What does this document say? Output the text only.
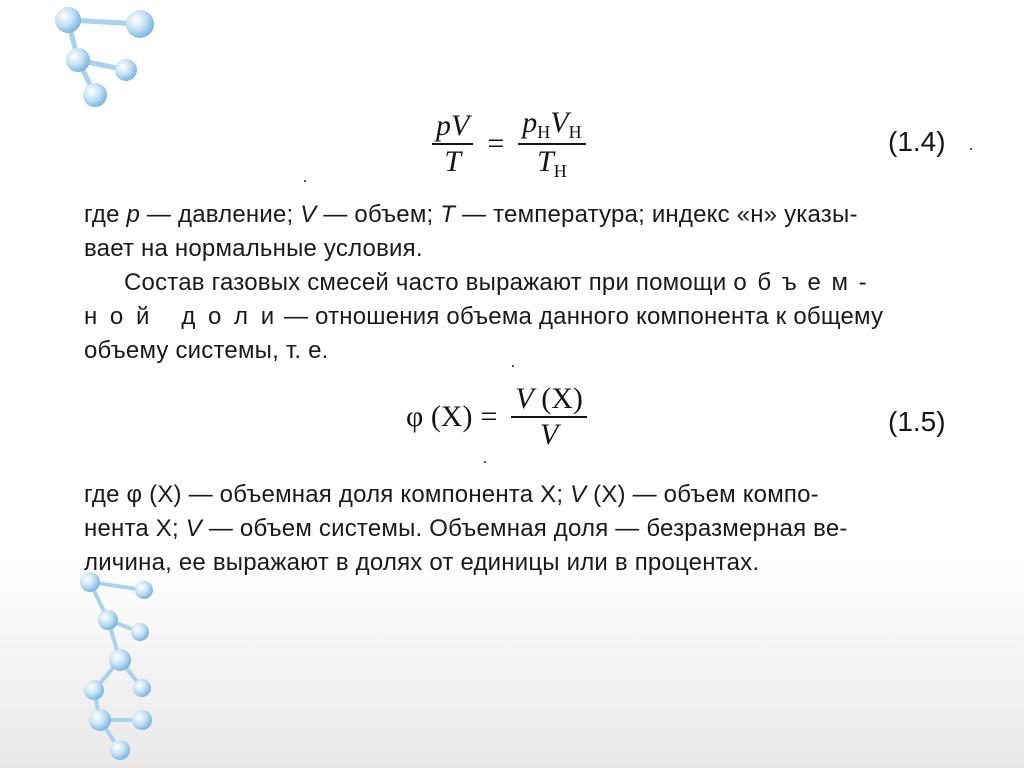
$\frac{pV}{T} = \frac{p_НV_Н}{T_Н}$	(1.4)
где p — давление; V — объем; T — температура; индекс «н» указы-
вает на нормальные условия.
Состав газовых смесей часто выражают при помощи о б ъ е м -
н о й   д о л и — отношения объема данного компонента к общему
объему системы, т. е.
φ $(X) = \frac{V (X)}{V}$	(1.5)
где φ (X) — объемная доля компонента X; V (X) — объем компо-
нента X; V — объем системы. Объемная доля — безразмерная ве-
личина, ее выражают в долях от единицы или в процентах.
